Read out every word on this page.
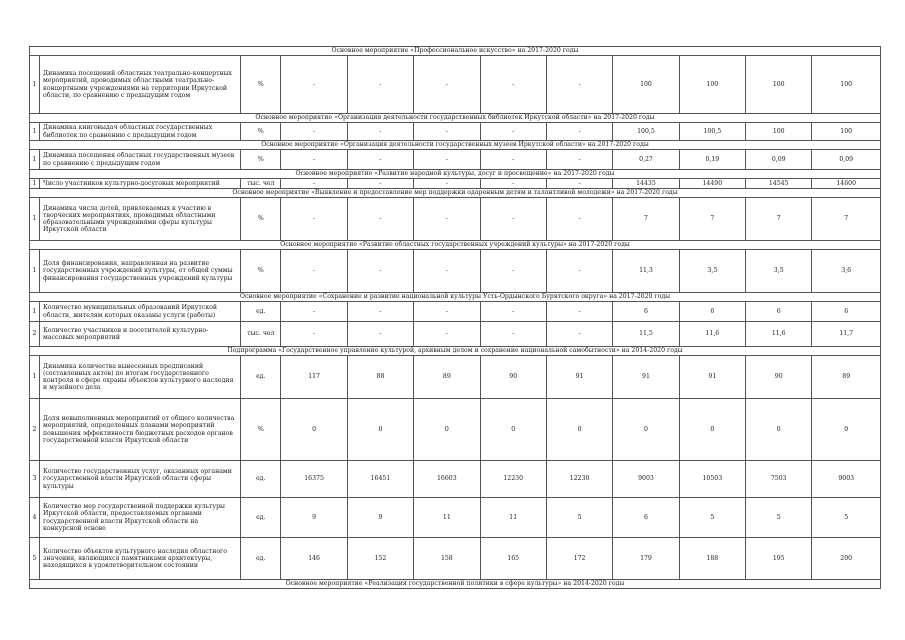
Основное мероприятие «Профессиональное искусство» на 2017-2020 годы											
1	Динамика посещений областных театрально-концертных мероприятий, проводимых областными театрально-концертными учреждениями на территории Иркутской области, по сравнению с предыдущим годом	%	-	-	-	-	-	100	100	100	100
Основное мероприятие «Организация деятельности государственных библиотек Иркутской области» на 2017-2020 годы											
1	Динамика книговыдач областных государственных библиотек по сравнению с предыдущим годом	%	-	-	-	-	-	100,5	100,5	100	100
Основное мероприятие «Организация деятельности государственных музеев Иркутской области» на 2017-2020 годы											
1	Динамика посещения областных государственных музеев по сравнению с предыдущим годом	%	-	-	-	-	-	0,27	0,19	0,09	0,09
Основное мероприятие «Развитие народной культуры, досуг и просвещение» на 2017-2020 годы											
1	Число участников культурно-досуговых мероприятий	тыс. чел	-	-	-	-	-	14435	14490	14545	14600
Основное мероприятие «Выявление и предоставление мер поддержки одаренным детям и талантливой молодежи» на 2017-2020 годы											
1	Динамика числа детей, привлекаемых к участию в творческих мероприятиях, проводимых областными образовательными учреждениями сферы культуры Иркутской области	%	-	-	-	-	-	7	7	7	7
Основное мероприятие «Развитие областных государственных учреждений культуры» на 2017-2020 годы											
1	Доля финансирования, направленная на развитие государственных учреждений культуры, от общей суммы финансирования государственных учреждений культуры	%	-	-	-	-	-	11,3	3,5	3,5	3,6
Основное мероприятие «Сохранение и развитие национальной культуры Усть-Ордынского Бурятского округа» на 2017-2020 годы											
1	Количество муниципальных образований Иркутской области, жителям которых оказаны услуги (работы)	ед.	-	-	-	-	-	6	6	6	6
2	Количество участников и посетителей культурно-массовых мероприятий	тыс. чел	-	-	-	-	-	11,5	11,6	11,6	11,7
Подпрограмма «Государственное управление культурой, архивным делом и сохранение национальной самобытности» на 2014-2020 годы											
1	Динамика количества вынесенных предписаний (составленных актов) по итогам государственного контроля в сфере охраны объектов культурного наследия и музейного дела	ед.	117	88	89	90	91	91	91	90	89
2	Доля невыполненных мероприятий от общего количества мероприятий, определенных планами мероприятий повышения эффективности бюджетных расходов органов государственной власти Иркутской области	%	0	0	0	0	0	0	0	0	0
3	Количество государственных услуг, оказанных органами государственной власти Иркутской области сферы культуры	ед.	16375	16451	16603	12230	12230	9003	10503	7503	9003
4	Количество мер государственной поддержки культуры Иркутской области, предоставляемых органами государственной власти Иркутской области на конкурсной основе	ед.	9	9	11	11	5	6	5	5	5
5	Количество объектов культурного наследия областного значения, являющихся памятниками архитектуры, находящихся в удовлетворительном состоянии	ед.	146	152	158	165	172	179	188	195	200
Основное мероприятие «Реализация государственной политики в сфере культуры» на 2014-2020 годы											
